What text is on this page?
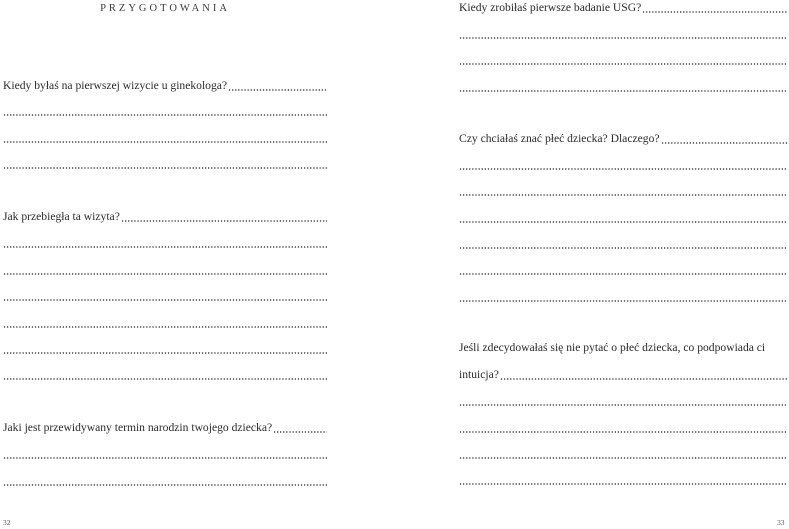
PRZYGOTOWANIA
Kiedy byłaś na pierwszej wizycie u ginekologa?
Jak przebiegła ta wizyta?
Jaki jest przewidywany termin narodzin twojego dziecka?
32
Kiedy zrobiłaś pierwsze badanie USG?
Czy chciałaś znać płeć dziecka? Dlaczego?
Jeśli zdecydowałaś się nie pytać o płeć dziecka, co podpowiada ci
intuicja?
33
